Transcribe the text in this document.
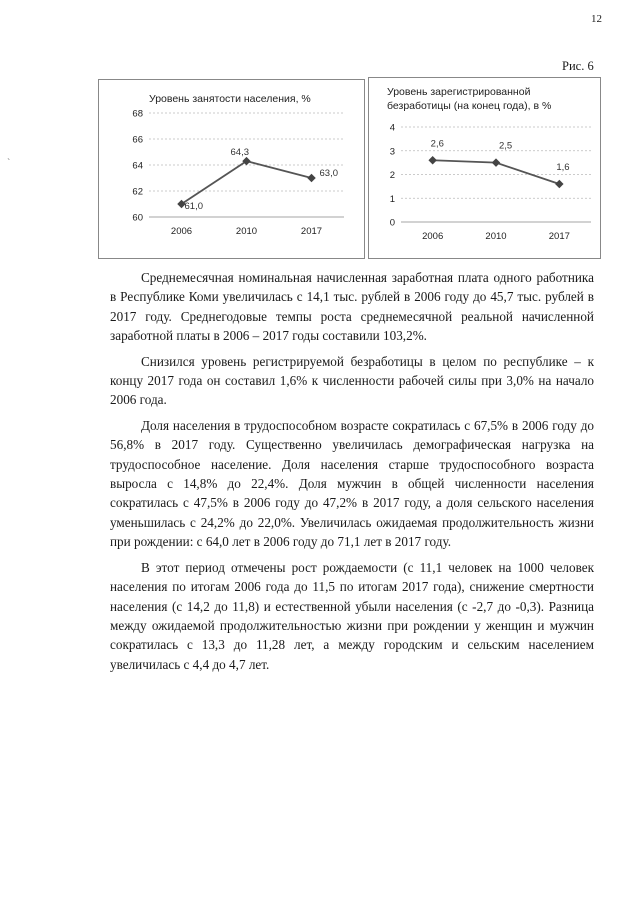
12
Рис. 6
`
Уровень занятости населения, %
60
62
64
66
68
2006	2010	2017
61,0
64,3
63,0
Уровень зарегистрированной
безработицы (на конец года), в %
0
1
2
3
4
2006	2010	2017
2,6	2,5
1,6

Среднемесячная номинальная начисленная заработная плата одного работника в Республике Коми увеличилась с 14,1 тыс. рублей в 2006 году до 45,7 тыс. рублей в 2017 году. Среднегодовые темпы роста среднемесячной реальной начисленной заработной платы в 2006 – 2017 годы составили 103,2%.

Снизился уровень регистрируемой безработицы в целом по республике – к концу 2017 года он составил 1,6% к численности рабочей силы при 3,0% на начало 2006 года.

Доля населения в трудоспособном возрасте сократилась с 67,5% в 2006 году до 56,8% в 2017 году. Существенно увеличилась демографическая нагрузка на трудоспособное население. Доля населения старше трудоспособного возраста выросла с 14,8% до 22,4%. Доля мужчин в общей численности населения сократилась с 47,5% в 2006 году до 47,2% в 2017 году, а доля сельского населения уменьшилась с 24,2% до 22,0%. Увеличилась ожидаемая продолжительность жизни при рождении: с 64,0 лет в 2006 году до 71,1 лет в 2017 году.

В этот период отмечены рост рождаемости (с 11,1 человек на 1000 человек населения по итогам 2006 года до 11,5 по итогам 2017 года), снижение смертности населения (с 14,2 до 11,8) и естественной убыли населения (с -2,7 до -0,3). Разница между ожидаемой продолжительностью жизни при рождении у женщин и мужчин сократилась с 13,3 до 11,28 лет, а между городским и сельским населением увеличилась с 4,4 до 4,7 лет.
